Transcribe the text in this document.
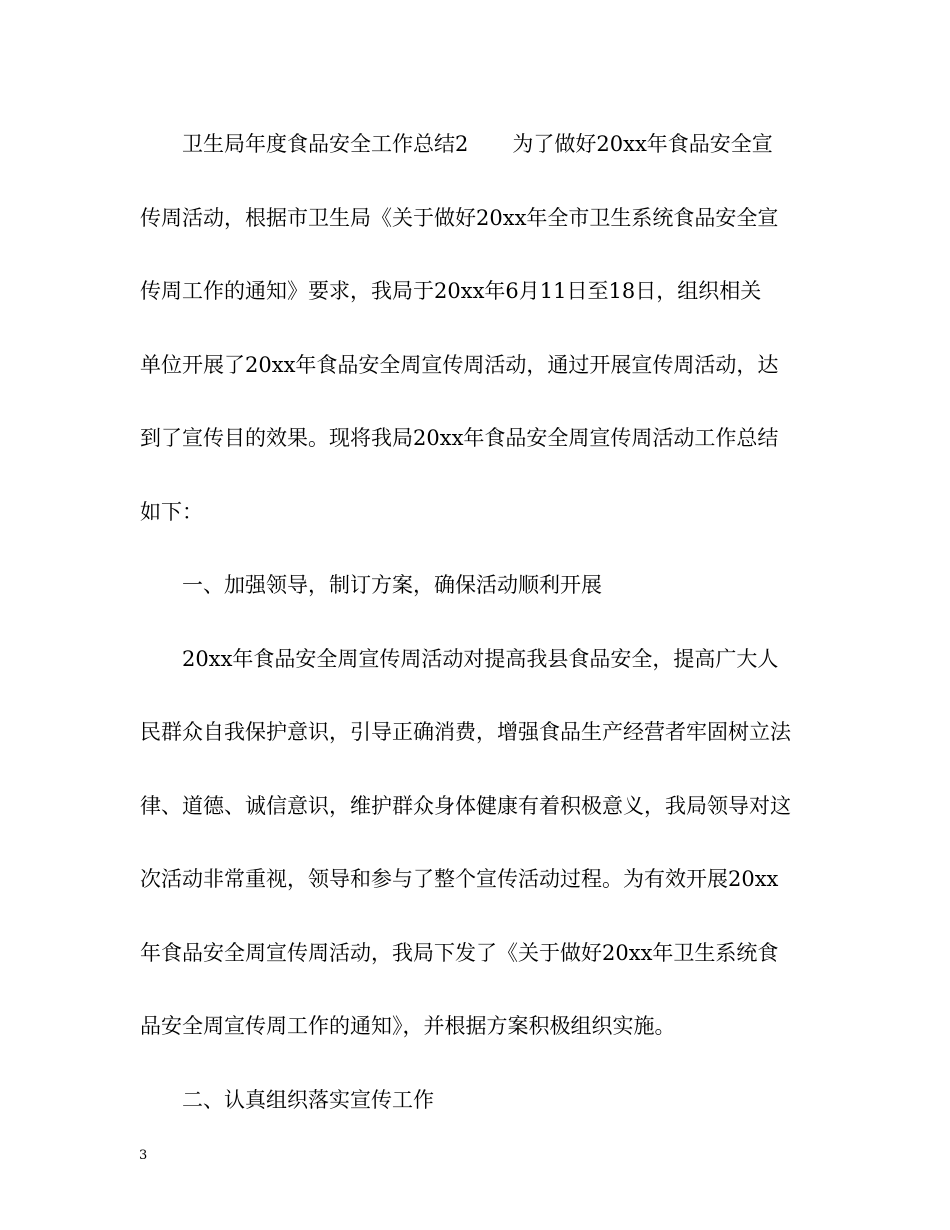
卫生局年度食品安全工作总结2 为了做好20xx年食品安全宣
传周活动，根据市卫生局《关于做好20xx年全市卫生系统食品安全宣
传周工作的通知》要求，我局于20xx年6月11日至18日，组织相关
单位开展了20xx年食品安全周宣传周活动，通过开展宣传周活动，达
到了宣传目的效果。现将我局20xx年食品安全周宣传周活动工作总结
如下：
一、加强领导，制订方案，确保活动顺利开展
20xx年食品安全周宣传周活动对提高我县食品安全，提高广大人
民群众自我保护意识，引导正确消费，增强食品生产经营者牢固树立法
律、道德、诚信意识，维护群众身体健康有着积极意义，我局领导对这
次活动非常重视，领导和参与了整个宣传活动过程。为有效开展20xx
年食品安全周宣传周活动，我局下发了《关于做好20xx年卫生系统食
品安全周宣传周工作的通知》，并根据方案积极组织实施。
二、认真组织落实宣传工作
3
